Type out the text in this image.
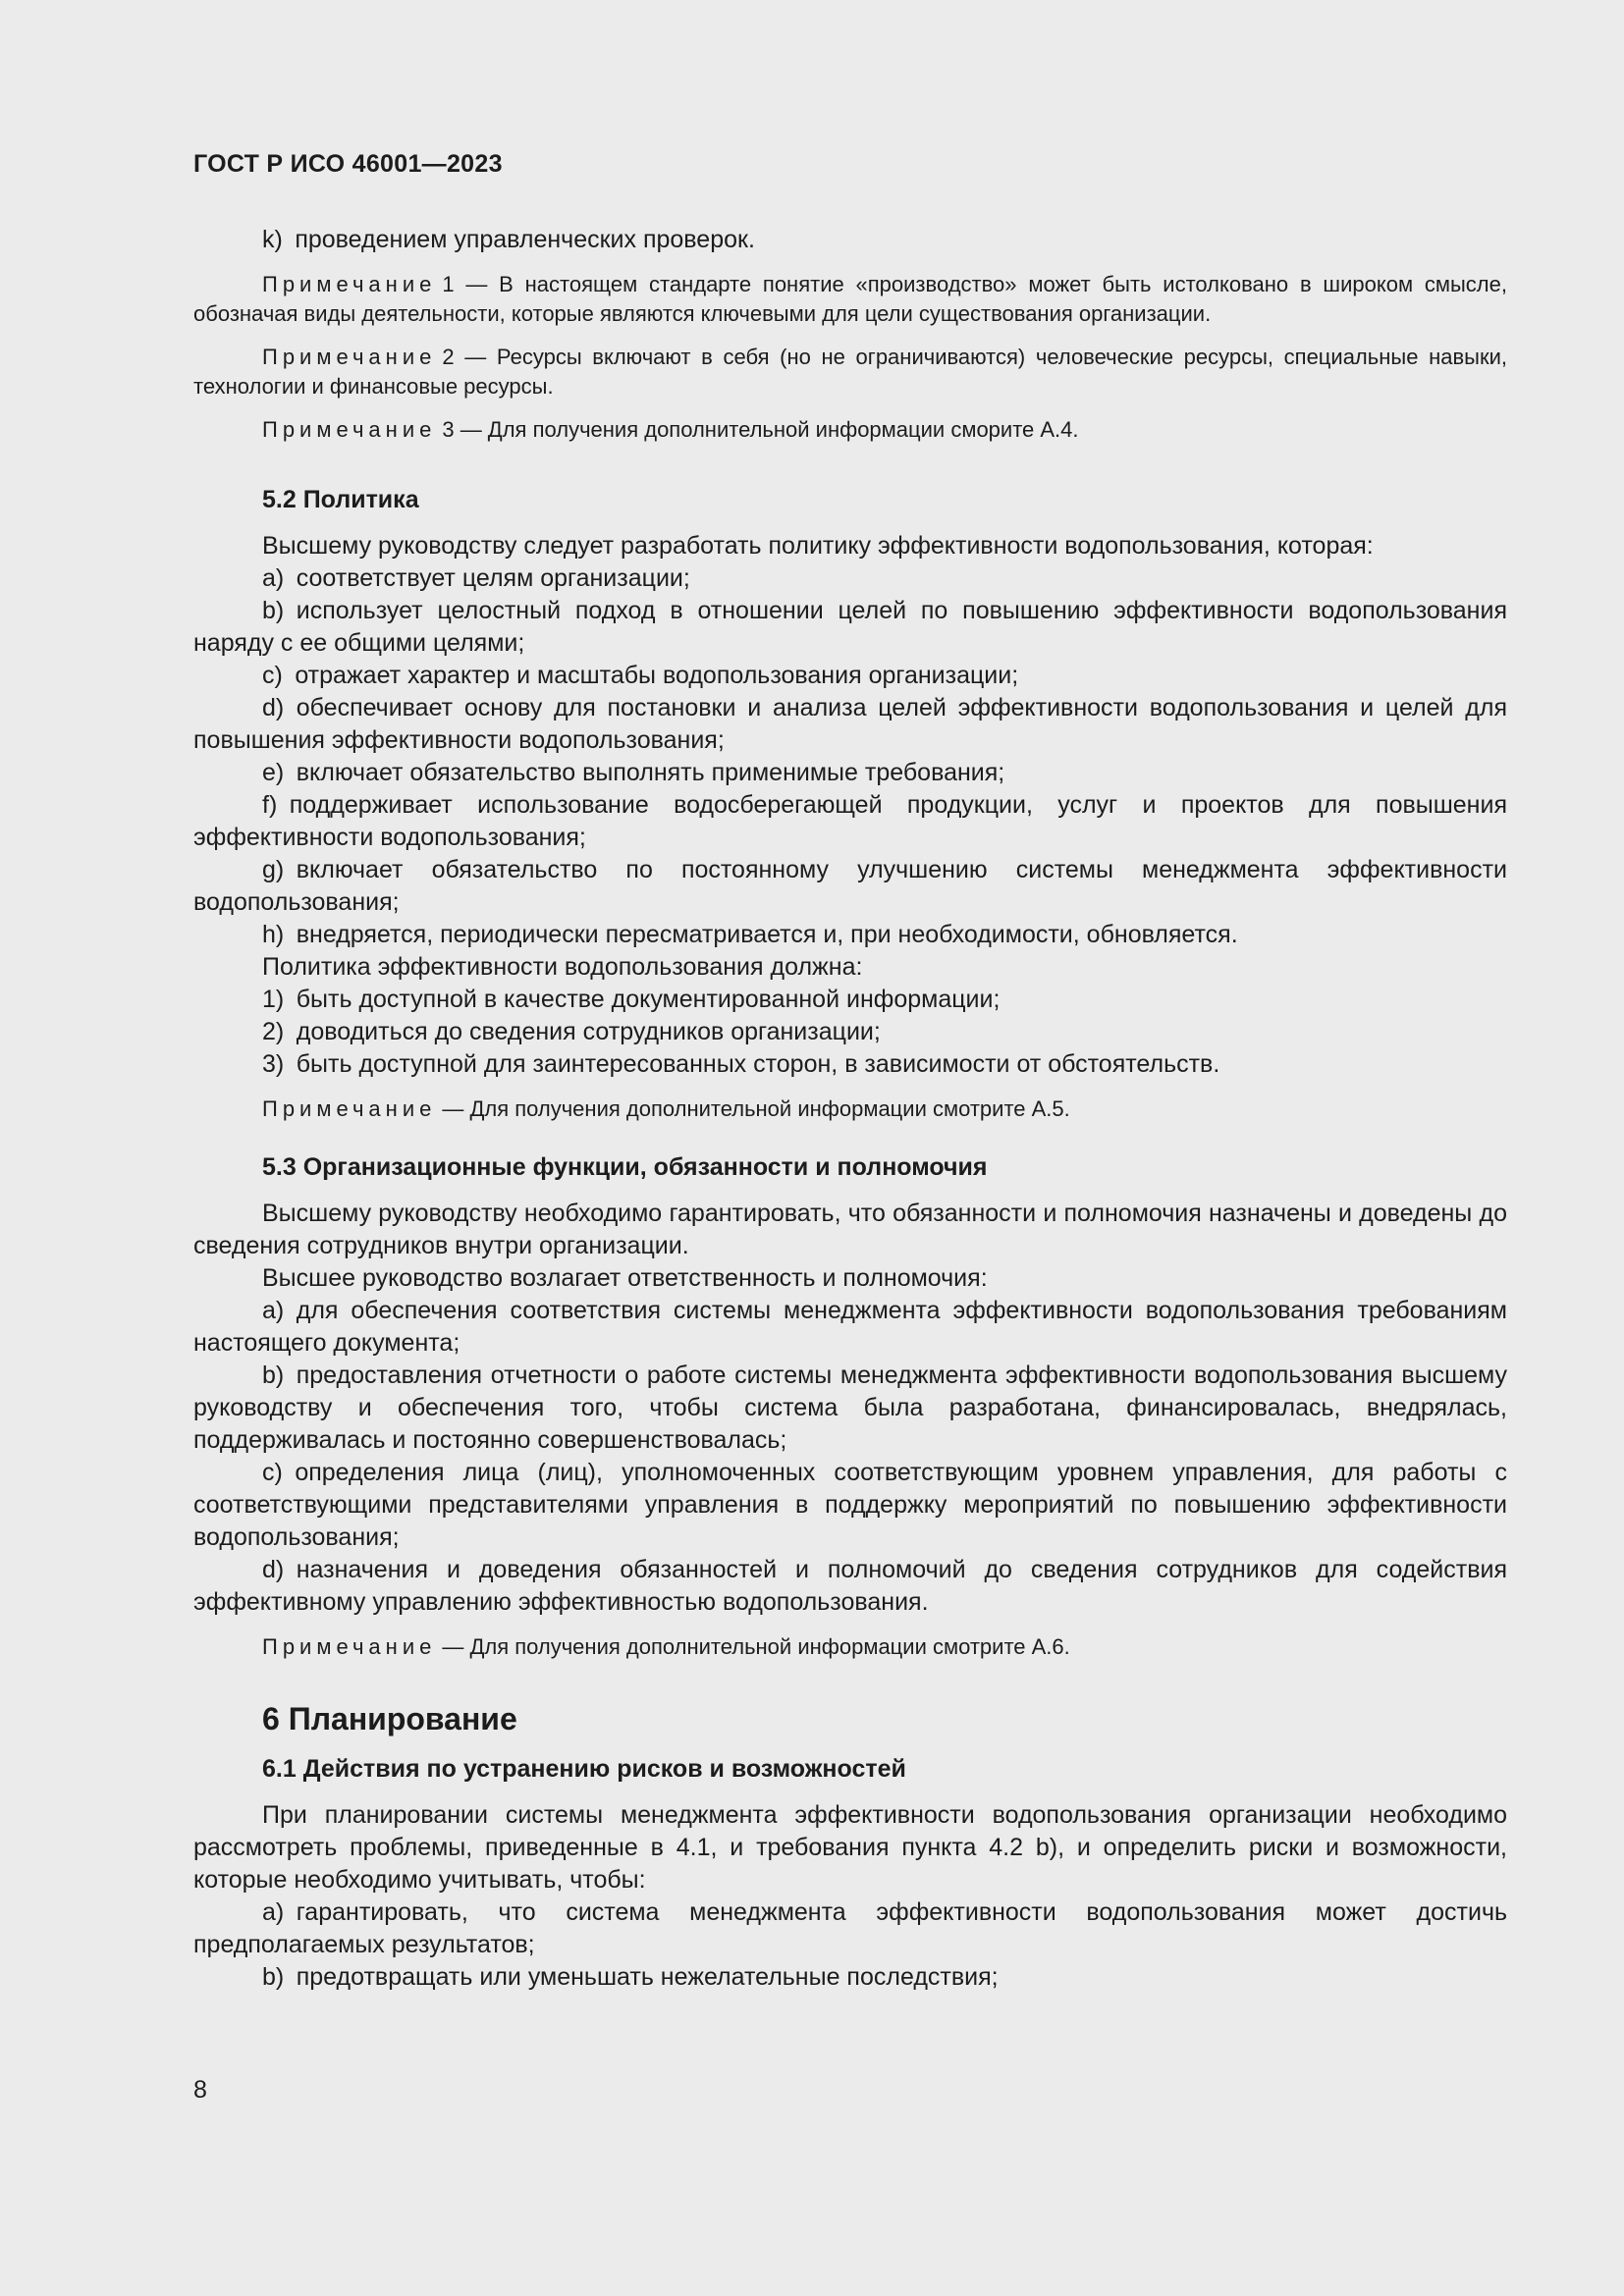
ГОСТ Р ИСО 46001—2023

k) проведением управленческих проверок.

Примечание 1 — В настоящем стандарте понятие «производство» может быть истолковано в широком смысле, обозначая виды деятельности, которые являются ключевыми для цели существования организации.

Примечание 2 — Ресурсы включают в себя (но не ограничиваются) человеческие ресурсы, специальные навыки, технологии и финансовые ресурсы.

Примечание 3 — Для получения дополнительной информации сморите А.4.

5.2 Политика

Высшему руководству следует разработать политику эффективности водопользования, которая:

a) соответствует целям организации;

b) использует целостный подход в отношении целей по повышению эффективности водопользования наряду с ее общими целями;

c) отражает характер и масштабы водопользования организации;

d) обеспечивает основу для постановки и анализа целей эффективности водопользования и целей для повышения эффективности водопользования;

e) включает обязательство выполнять применимые требования;

f) поддерживает использование водосберегающей продукции, услуг и проектов для повышения эффективности водопользования;

g) включает обязательство по постоянному улучшению системы менеджмента эффективности водопользования;

h) внедряется, периодически пересматривается и, при необходимости, обновляется.

Политика эффективности водопользования должна:

1) быть доступной в качестве документированной информации;

2) доводиться до сведения сотрудников организации;

3) быть доступной для заинтересованных сторон, в зависимости от обстоятельств.

Примечание — Для получения дополнительной информации смотрите А.5.

5.3 Организационные функции, обязанности и полномочия

Высшему руководству необходимо гарантировать, что обязанности и полномочия назначены и доведены до сведения сотрудников внутри организации.

Высшее руководство возлагает ответственность и полномочия:

a) для обеспечения соответствия системы менеджмента эффективности водопользования требованиям настоящего документа;

b) предоставления отчетности о работе системы менеджмента эффективности водопользования высшему руководству и обеспечения того, чтобы система была разработана, финансировалась, внедрялась, поддерживалась и постоянно совершенствовалась;

c) определения лица (лиц), уполномоченных соответствующим уровнем управления, для работы с соответствующими представителями управления в поддержку мероприятий по повышению эффективности водопользования;

d) назначения и доведения обязанностей и полномочий до сведения сотрудников для содействия эффективному управлению эффективностью водопользования.

Примечание — Для получения дополнительной информации смотрите А.6.

6 Планирование
6.1 Действия по устранению рисков и возможностей

При планировании системы менеджмента эффективности водопользования организации необходимо рассмотреть проблемы, приведенные в 4.1, и требования пункта 4.2 b), и определить риски и возможности, которые необходимо учитывать, чтобы:

a) гарантировать, что система менеджмента эффективности водопользования может достичь предполагаемых результатов;

b) предотвращать или уменьшать нежелательные последствия;

8
